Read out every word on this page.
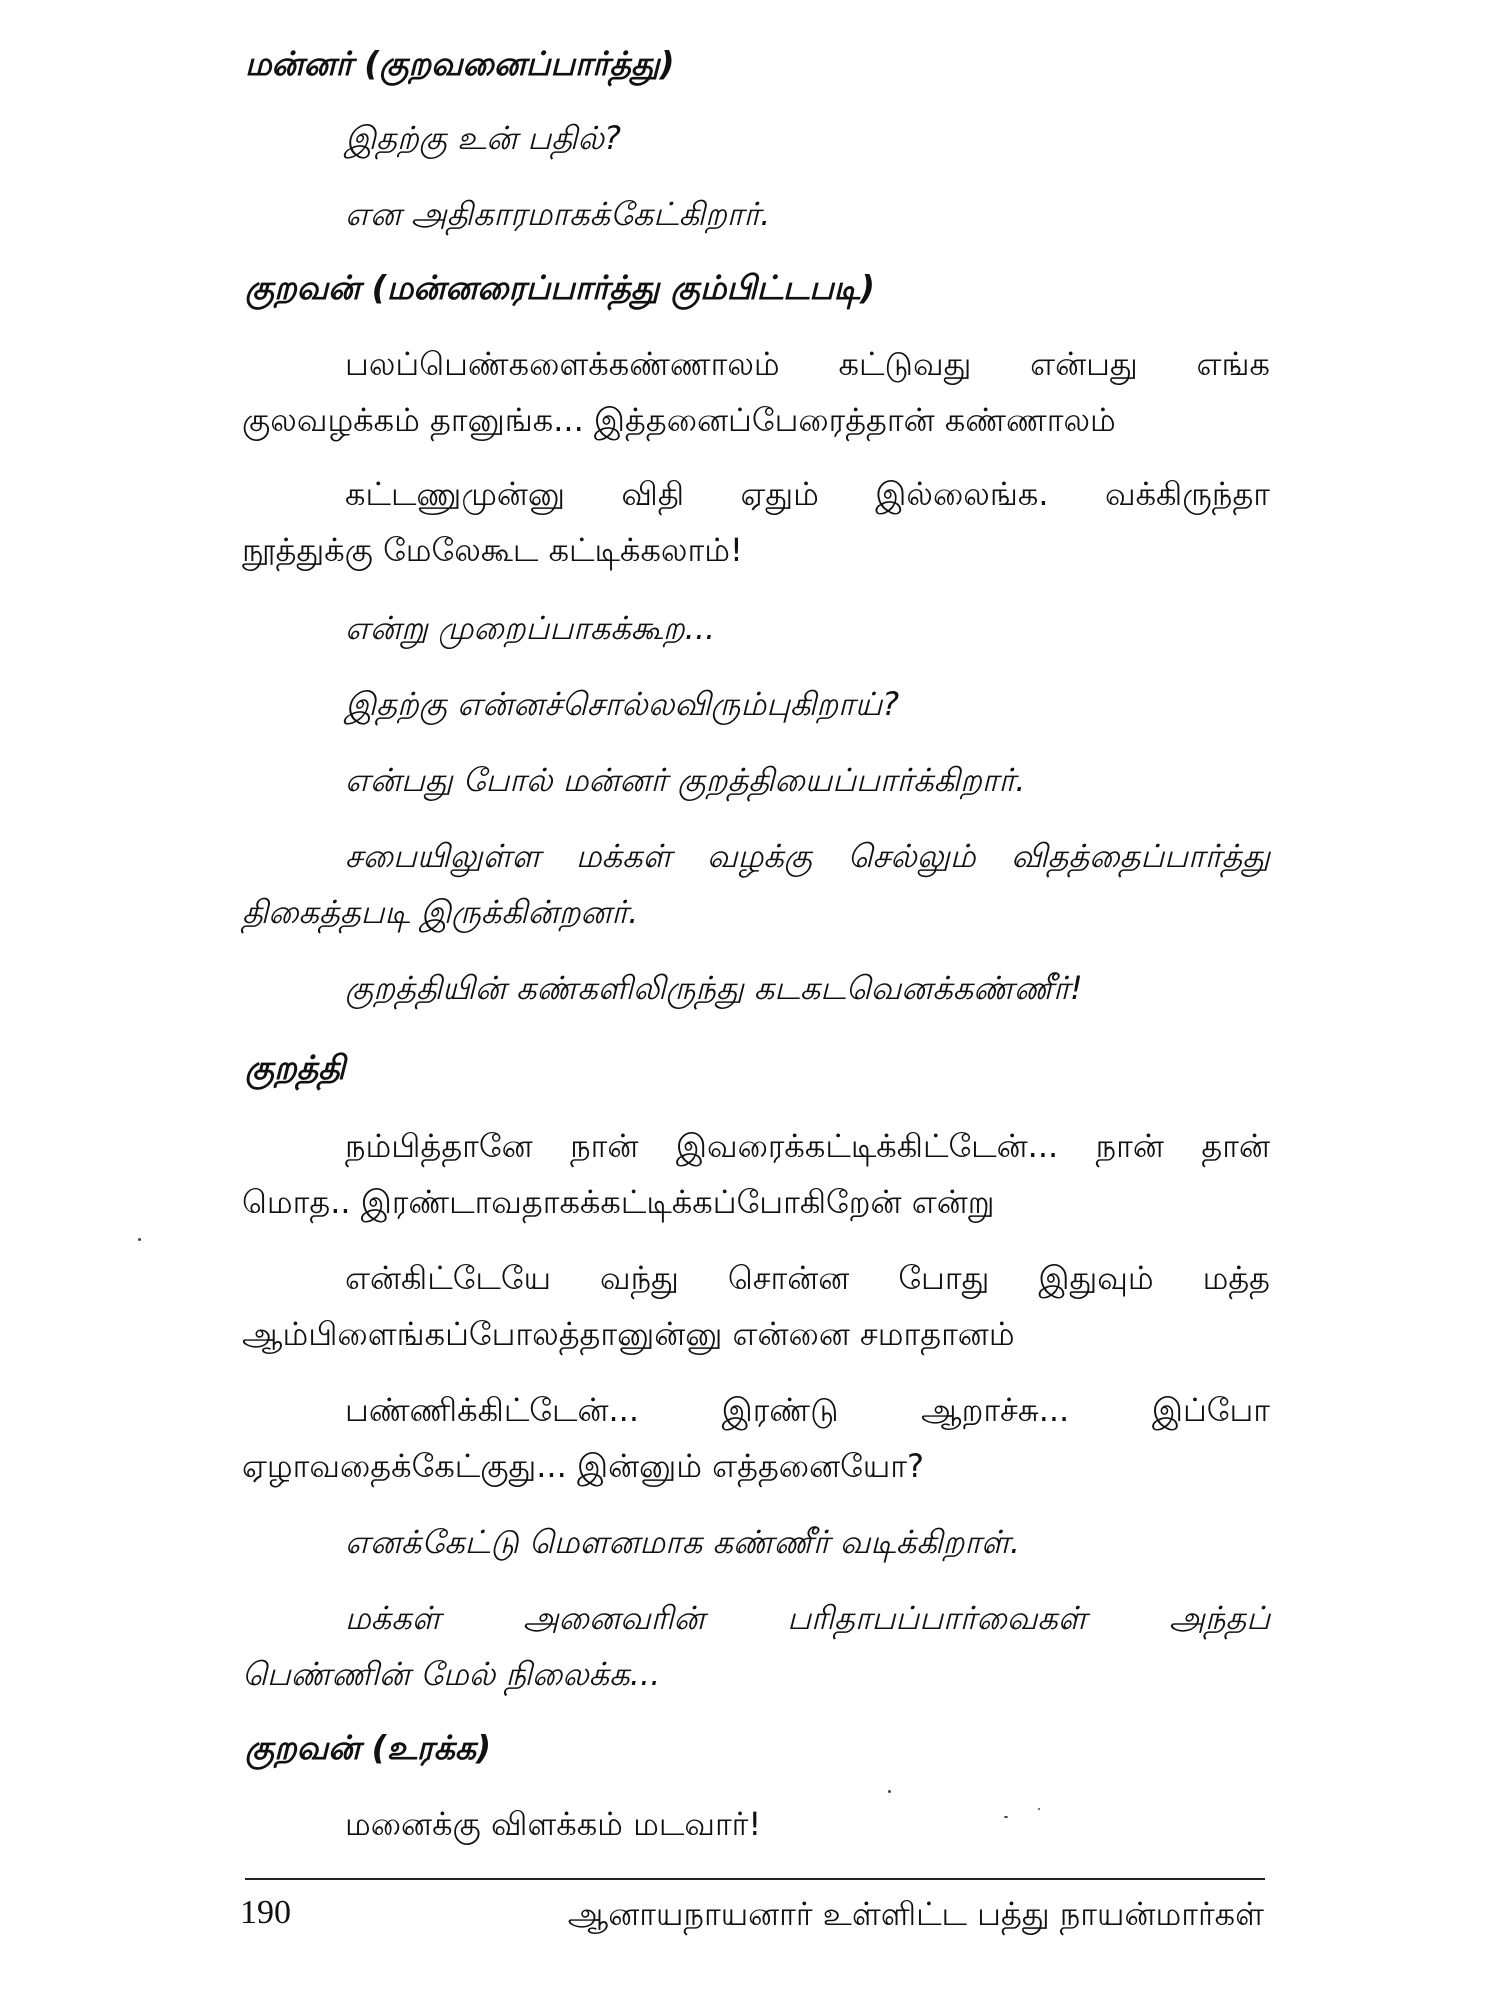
மன்னர் (குறவனைப்பார்த்து)
இதற்கு உன் பதில்?
என அதிகாரமாகக்கேட்கிறார்.
குறவன் (மன்னரைப்பார்த்து கும்பிட்டபடி)
பலப்பெண்களைக்கண்ணாலம் கட்டுவது என்பது எங்க
குலவழக்கம் தானுங்க... இத்தனைப்பேரைத்தான் கண்ணாலம்
கட்டணுமுன்னு விதி ஏதும் இல்லைங்க. வக்கிருந்தா
நூத்துக்கு மேலேகூட கட்டிக்கலாம்!
என்று முறைப்பாகக்கூற...
இதற்கு என்னச்சொல்லவிரும்புகிறாய்?
என்பது போல் மன்னர் குறத்தியைப்பார்க்கிறார்.
சபையிலுள்ள மக்கள் வழக்கு செல்லும் விதத்தைப்பார்த்து
திகைத்தபடி இருக்கின்றனர்.
குறத்தியின் கண்களிலிருந்து கடகடவெனக்கண்ணீர்!
குறத்தி
நம்பித்தானே நான் இவரைக்கட்டிக்கிட்டேன்... நான் தான்
மொத.. இரண்டாவதாகக்கட்டிக்கப்போகிறேன் என்று
என்கிட்டேயே வந்து சொன்ன போது இதுவும் மத்த
ஆம்பிளைங்கப்போலத்தானுன்னு என்னை சமாதானம்
பண்ணிக்கிட்டேன்... இரண்டு ஆறாச்சு... இப்போ
ஏழாவதைக்கேட்குது... இன்னும் எத்தனையோ?
எனக்கேட்டு மௌனமாக கண்ணீர் வடிக்கிறாள்.
மக்கள் அனைவரின் பரிதாபப்பார்வைகள் அந்தப்
பெண்ணின் மேல் நிலைக்க...
குறவன் (உரக்க)
மனைக்கு விளக்கம் மடவார்!
190	ஆனாயநாயனார் உள்ளிட்ட பத்து நாயன்மார்கள்
